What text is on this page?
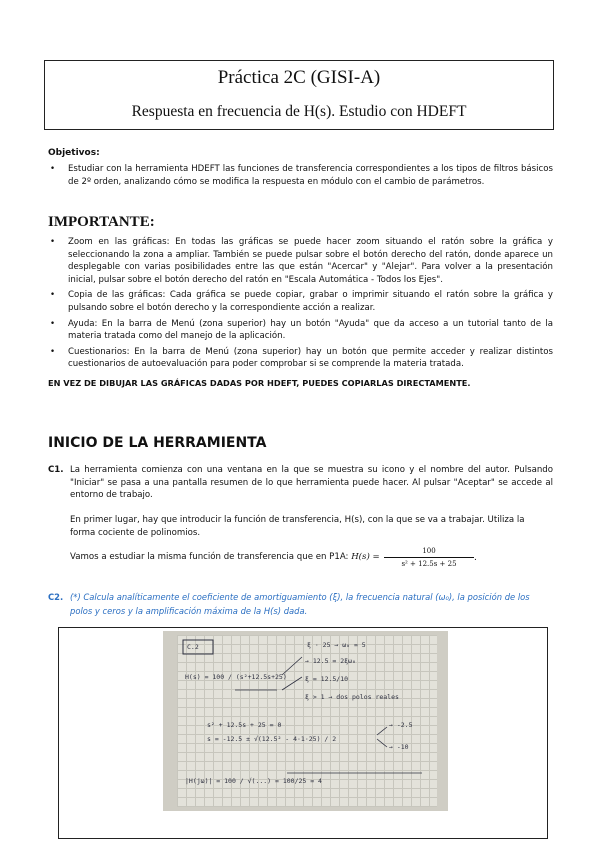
Práctica 2C (GISI-A)
Respuesta en frecuencia de H(s). Estudio con HDEFT
Objetivos:
• Estudiar con la herramienta HDEFT las funciones de transferencia correspondientes a los tipos de filtros básicos de 2º orden, analizando cómo se modifica la respuesta en módulo con el cambio de parámetros.
IMPORTANTE:
• Zoom en las gráficas: En todas las gráficas se puede hacer zoom situando el ratón sobre la gráfica y seleccionando la zona a ampliar. También se puede pulsar sobre el botón derecho del ratón, donde aparece un desplegable con varias posibilidades entre las que están "Acercar" y "Alejar". Para volver a la presentación inicial, pulsar sobre el botón derecho del ratón en "Escala Automática - Todos los Ejes".
• Copia de las gráficas: Cada gráfica se puede copiar, grabar o imprimir situando el ratón sobre la gráfica y pulsando sobre el botón derecho y la correspondiente acción a realizar.
• Ayuda: En la barra de Menú (zona superior) hay un botón "Ayuda" que da acceso a un tutorial tanto de la materia tratada como del manejo de la aplicación.
• Cuestionarios: En la barra de Menú (zona superior) hay un botón que permite acceder y realizar distintos cuestionarios de autoevaluación para poder comprobar si se comprende la materia tratada.
EN VEZ DE DIBUJAR LAS GRÁFICAS DADAS POR HDEFT, PUEDES COPIARLAS DIRECTAMENTE.
INICIO DE LA HERRAMIENTA
C1. La herramienta comienza con una ventana en la que se muestra su icono y el nombre del autor. Pulsando "Iniciar" se pasa a una pantalla resumen de lo que herramienta puede hacer. Al pulsar "Aceptar" se accede al entorno de trabajo.
En primer lugar, hay que introducir la función de transferencia, H(s), con la que se va a trabajar. Utiliza la forma cociente de polinomios.
Vamos a estudiar la misma función de transferencia que en P1A: $H(s) = \frac{100}{\text{s² + 12.5s + 25}}$ .
C2. (*) Calcula analíticamente el coeficiente de amortiguamiento (ξ), la frecuencia natural (ω₀), la posición de los polos y ceros y la amplificación máxima de la H(s) dada.
C.2	ξ · 25 → ω₀ = 5
H(s) = 100 / (s²+12.5s+25)
→ 12.5 = 2ξω₀
ξ = 12.5/10
ξ > 1 → dos polos reales
s² + 12.5s + 25 = 0
s = -12.5 ± √(12.5² - 4·1·25) / 2
→ -2.5
→ -10
|H(jω)| = 100 / √(...) = 100/25 = 4
